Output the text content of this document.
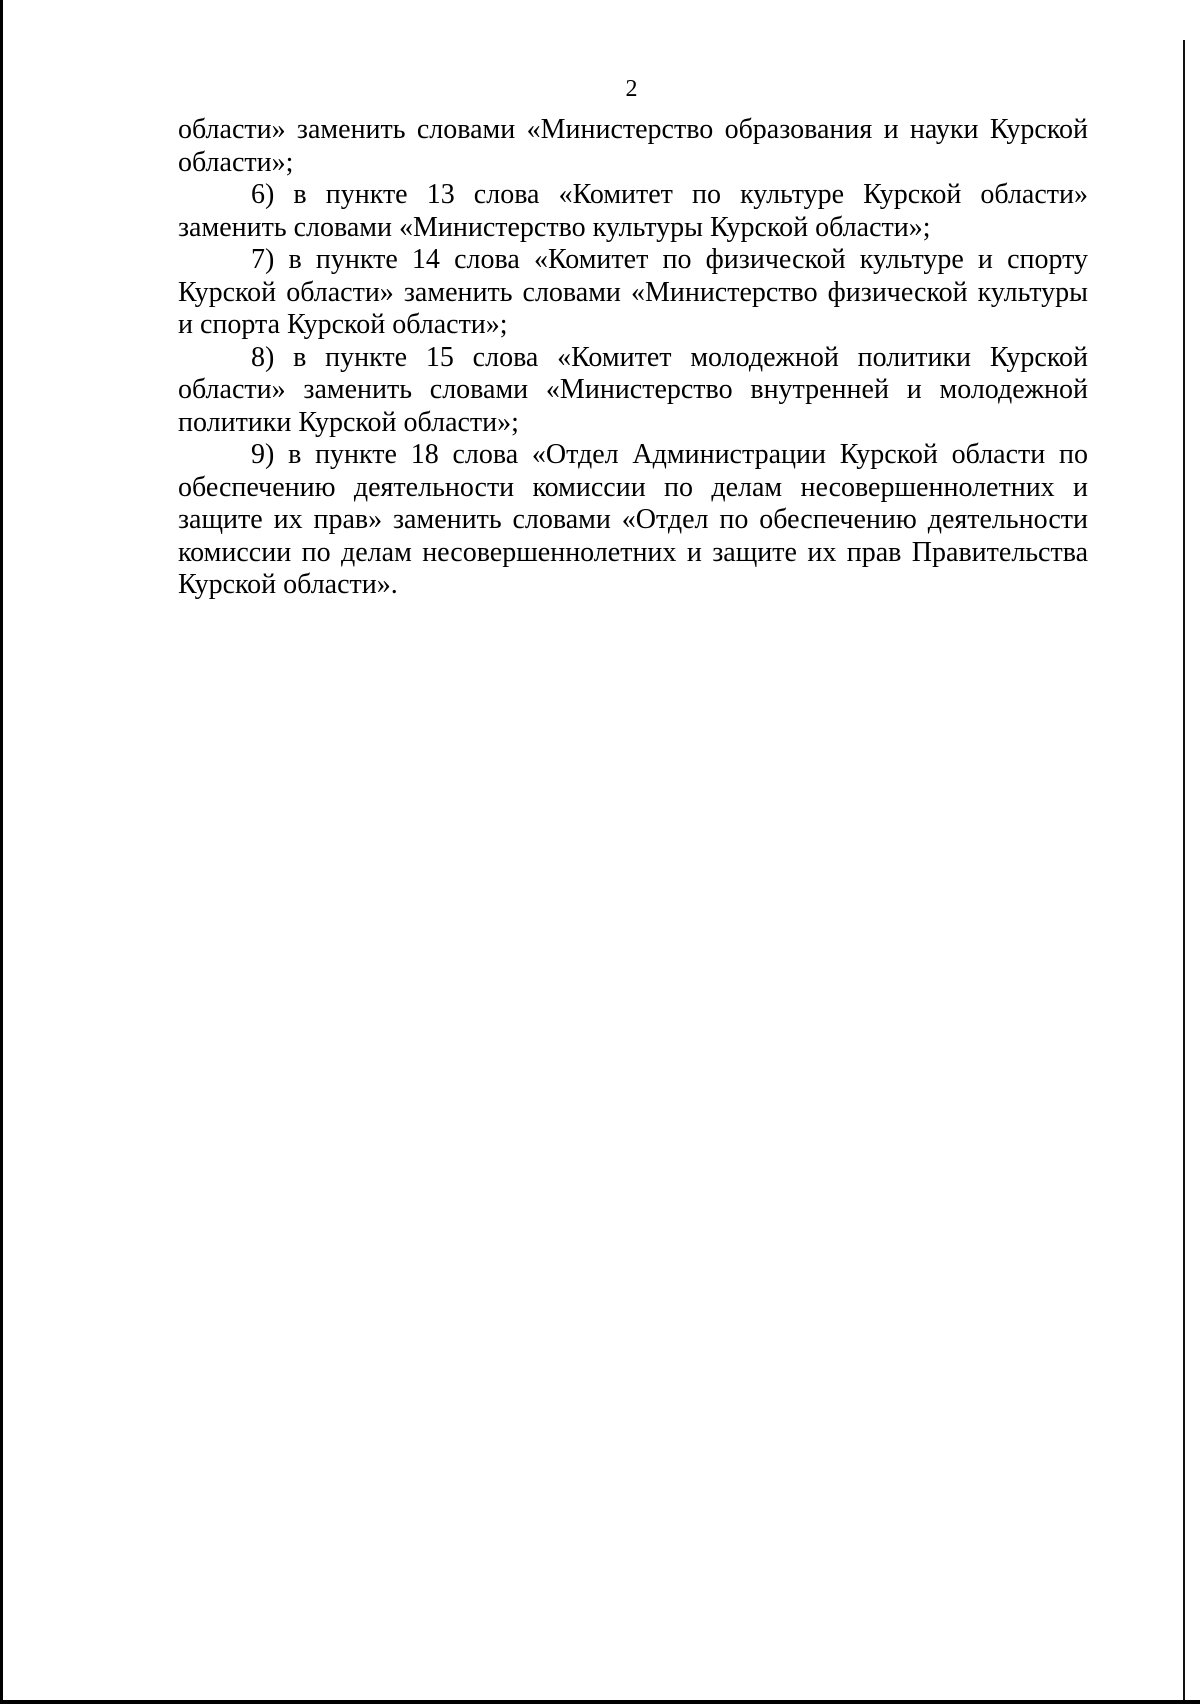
2

области» заменить словами «Министерство образования и науки Курской области»;

6) в пункте 13 слова «Комитет по культуре Курской области» заменить словами «Министерство культуры Курской области»;

7) в пункте 14 слова «Комитет по физической культуре и спорту Курской области» заменить словами «Министерство физической культуры и спорта Курской области»;

8) в пункте 15 слова «Комитет молодежной политики Курской области» заменить словами «Министерство внутренней и молодежной политики Курской области»;

9) в пункте 18 слова «Отдел Администрации Курской области по обеспечению деятельности комиссии по делам несовершеннолетних и защите их прав» заменить словами «Отдел по обеспечению деятельности комиссии по делам несовершеннолетних и защите их прав Правительства Курской области».
